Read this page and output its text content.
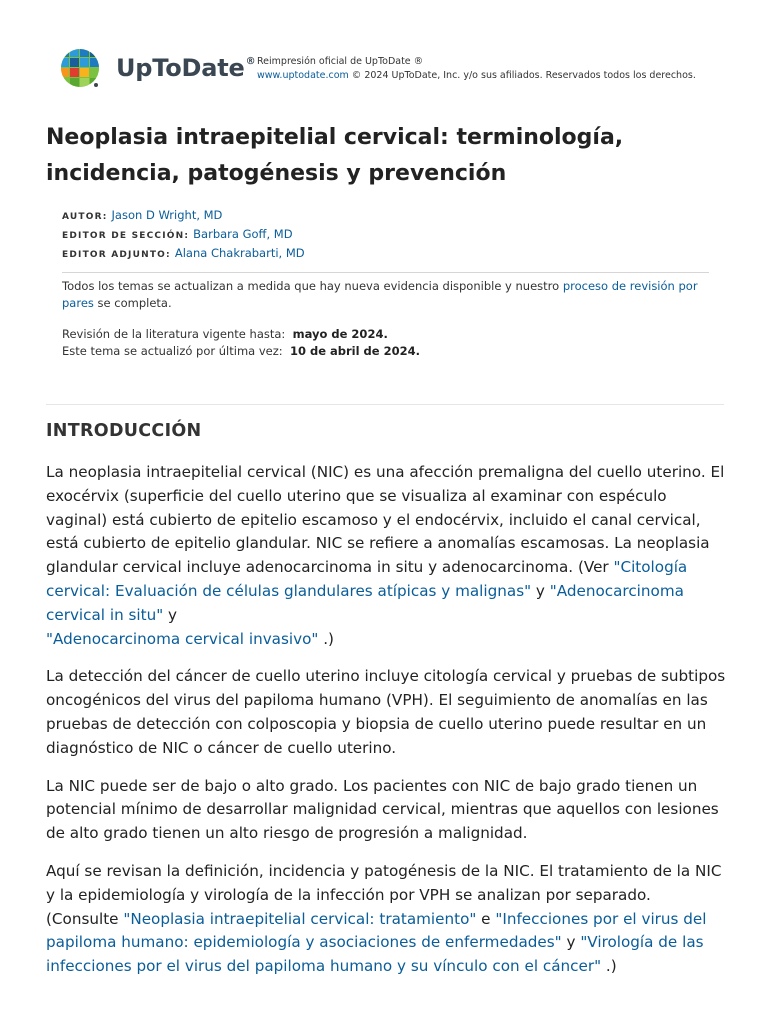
UpToDate® Reimpresión oficial de UpToDate ®
www.uptodate.com © 2024 UpToDate, Inc. y/o sus afiliados. Reservados todos los derechos.
Neoplasia intraepitelial cervical: terminología, incidencia, patogénesis y prevención
AUTOR: Jason D Wright, MD
EDITOR DE SECCIÓN: Barbara Goff, MD
EDITOR ADJUNTO: Alana Chakrabarti, MD
Todos los temas se actualizan a medida que hay nueva evidencia disponible y nuestro proceso de revisión por pares se completa.
Revisión de la literatura vigente hasta: mayo de 2024.
Este tema se actualizó por última vez: 10 de abril de 2024.
INTRODUCCIÓN

La neoplasia intraepitelial cervical (NIC) es una afección premaligna del cuello uterino. El exocérvix (superficie del cuello uterino que se visualiza al examinar con espéculo vaginal) está cubierto de epitelio escamoso y el endocérvix, incluido el canal cervical, está cubierto de epitelio glandular. NIC se refiere a anomalías escamosas. La neoplasia glandular cervical incluye adenocarcinoma in situ y adenocarcinoma. (Ver "Citología cervical: Evaluación de células glandulares atípicas y malignas" y "Adenocarcinoma cervical in situ" y
"Adenocarcinoma cervical invasivo" .)

La detección del cáncer de cuello uterino incluye citología cervical y pruebas de subtipos oncogénicos del virus del papiloma humano (VPH). El seguimiento de anomalías en las pruebas de detección con colposcopia y biopsia de cuello uterino puede resultar en un diagnóstico de NIC o cáncer de cuello uterino.

La NIC puede ser de bajo o alto grado. Los pacientes con NIC de bajo grado tienen un potencial mínimo de desarrollar malignidad cervical, mientras que aquellos con lesiones de alto grado tienen un alto riesgo de progresión a malignidad.

Aquí se revisan la definición, incidencia y patogénesis de la NIC. El tratamiento de la NIC y la epidemiología y virología de la infección por VPH se analizan por separado. (Consulte "Neoplasia intraepitelial cervical: tratamiento" e "Infecciones por el virus del papiloma humano: epidemiología y asociaciones de enfermedades" y "Virología de las infecciones por el virus del papiloma humano y su vínculo con el cáncer" .)
